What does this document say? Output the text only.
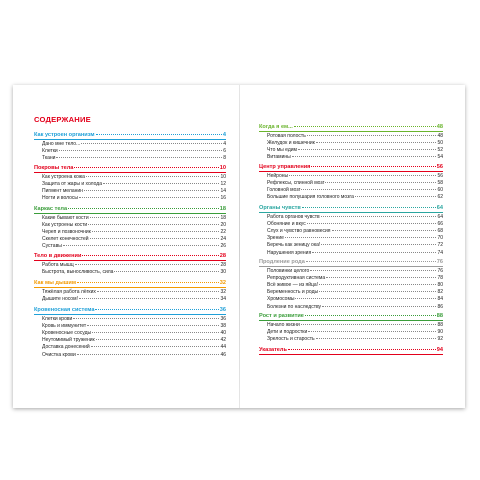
СОДЕРЖАНИЕ
Как устроен организм	4
Дано мне тело...	4
Клетки	6
Ткани	8
Покровы тела	10
Как устроена кожа	10
Защита от жары и холода	12
Пигмент меланин	14
Ногти и волосы	16
Каркас тела	18
Какие бывают кости	18
Как устроены кости	20
Череп и позвоночник	22
Скелет конечностей	24
Суставы	26
Тело в движении	28
Работа мышц	28
Быстрота, выносливость, сила	30
Как мы дышим	32
Тяжёлая работа лёгких	32
Дышите носом!	34
Кровеносная система	36
Клетки крови	36
Кровь и иммунитет	38
Кровеносные сосуды	40
Неутомимый труженик	42
Доставка донесений	44
Очистка крови	46
Когда я ем...	48
Ротовая полость	48
Желудок и кишечник	50
Что мы едим	52
Витамины	54
Центр управления	56
Нейроны	56
Рефлексы, спинной мозг	58
Головной мозг	60
Большие полушария головного мозга	62
Органы чувств	64
Работа органов чувств	64
Обоняние и вкус	66
Слух и чувство равновесия	68
Зрение	70
Беречь как зеницу ока!	72
Нарушения зрения	74
Продление рода	76
Половинки целого	76
Репродуктивная система	78
Всё живое — из яйца!	80
Беременность и роды	82
Хромосомы	84
Болезни по наследству	86
Рост и развитие	88
Начало жизни	88
Дети и подростки	90
Зрелость и старость	92
Указатель	94
